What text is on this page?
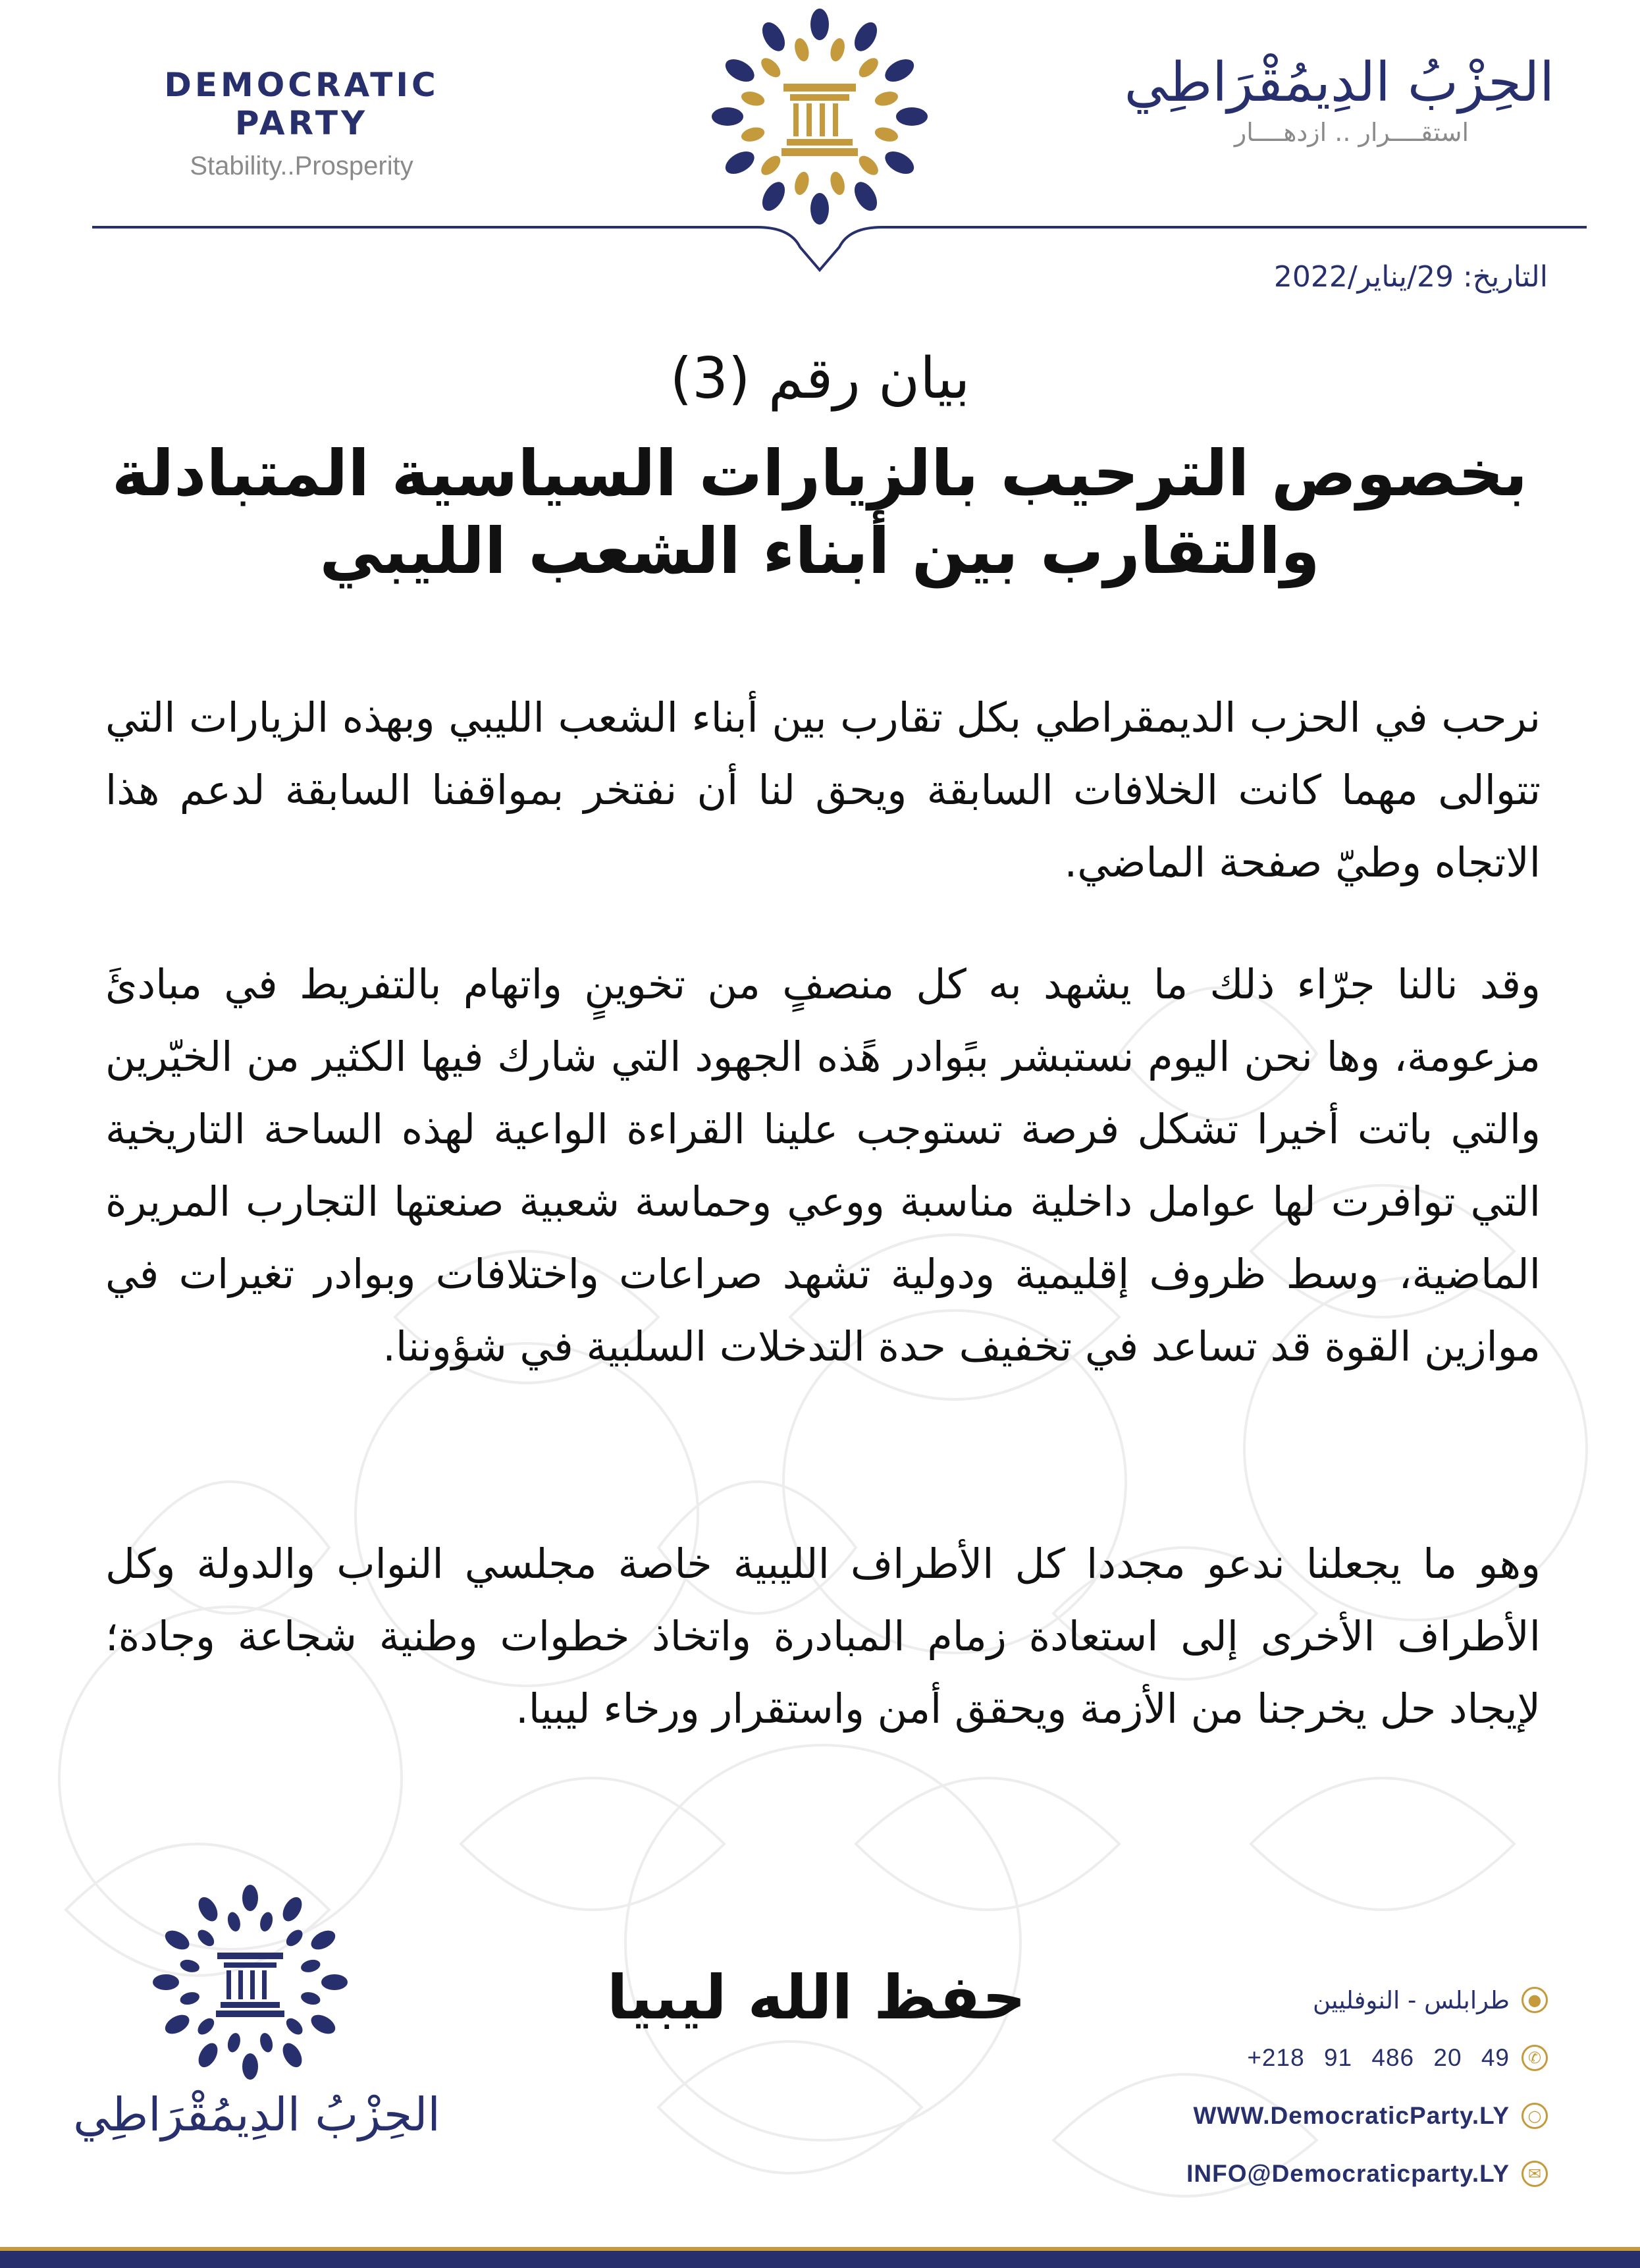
DEMOCRATIC PARTY
Stability..Prosperity
الحِزْبُ الدِيمُقْرَاطِي
استقــــرار .. ازدهــــار
التاريخ: 29/يناير/2022
بيان رقم (3)
بخصوص الترحيب بالزيارات السياسية المتبادلة
والتقارب بين أبناء الشعب الليبي
نرحب في الحزب الديمقراطي بكل تقارب بين أبناء الشعب الليبي وبهذه الزيارات التي تتوالى مهما كانت الخلافات السابقة ويحق لنا أن نفتخر بمواقفنا السابقة لدعم هذا الاتجاه وطيّ صفحة الماضي.
وقد نالنا جرّاء ذلك ما يشهد به كل منصفٍ من تخوينٍ واتهام بالتفريط في مبادئَ مزعومة، وها نحن اليوم نستبشر ببًوادر هًذه الجهود التي شارك فيها الكثير من الخيّرين والتي باتت أخيرا تشكل فرصة تستوجب علينا القراءة الواعية لهذه الساحة التاريخية التي توافرت لها عوامل داخلية مناسبة ووعي وحماسة شعبية صنعتها التجارب المريرة الماضية، وسط ظروف إقليمية ودولية تشهد صراعات واختلافات وبوادر تغيرات في موازين القوة قد تساعد في تخفيف حدة التدخلات السلبية في شؤوننا.
وهو ما يجعلنا ندعو مجددا كل الأطراف الليبية خاصة مجلسي النواب والدولة وكل الأطراف الأخرى إلى استعادة زمام المبادرة واتخاذ خطوات وطنية شجاعة وجادة؛ لإيجاد حل يخرجنا من الأزمة ويحقق أمن واستقرار ورخاء ليبيا.
حفظ الله ليبيا
الحِزْبُ الدِيمُقْرَاطِي
●
طرابلس - النوفليين
✆
+218 91 486 20 49
○
WWW.DemocraticParty.LY
✉
INFO@Democraticparty.LY
